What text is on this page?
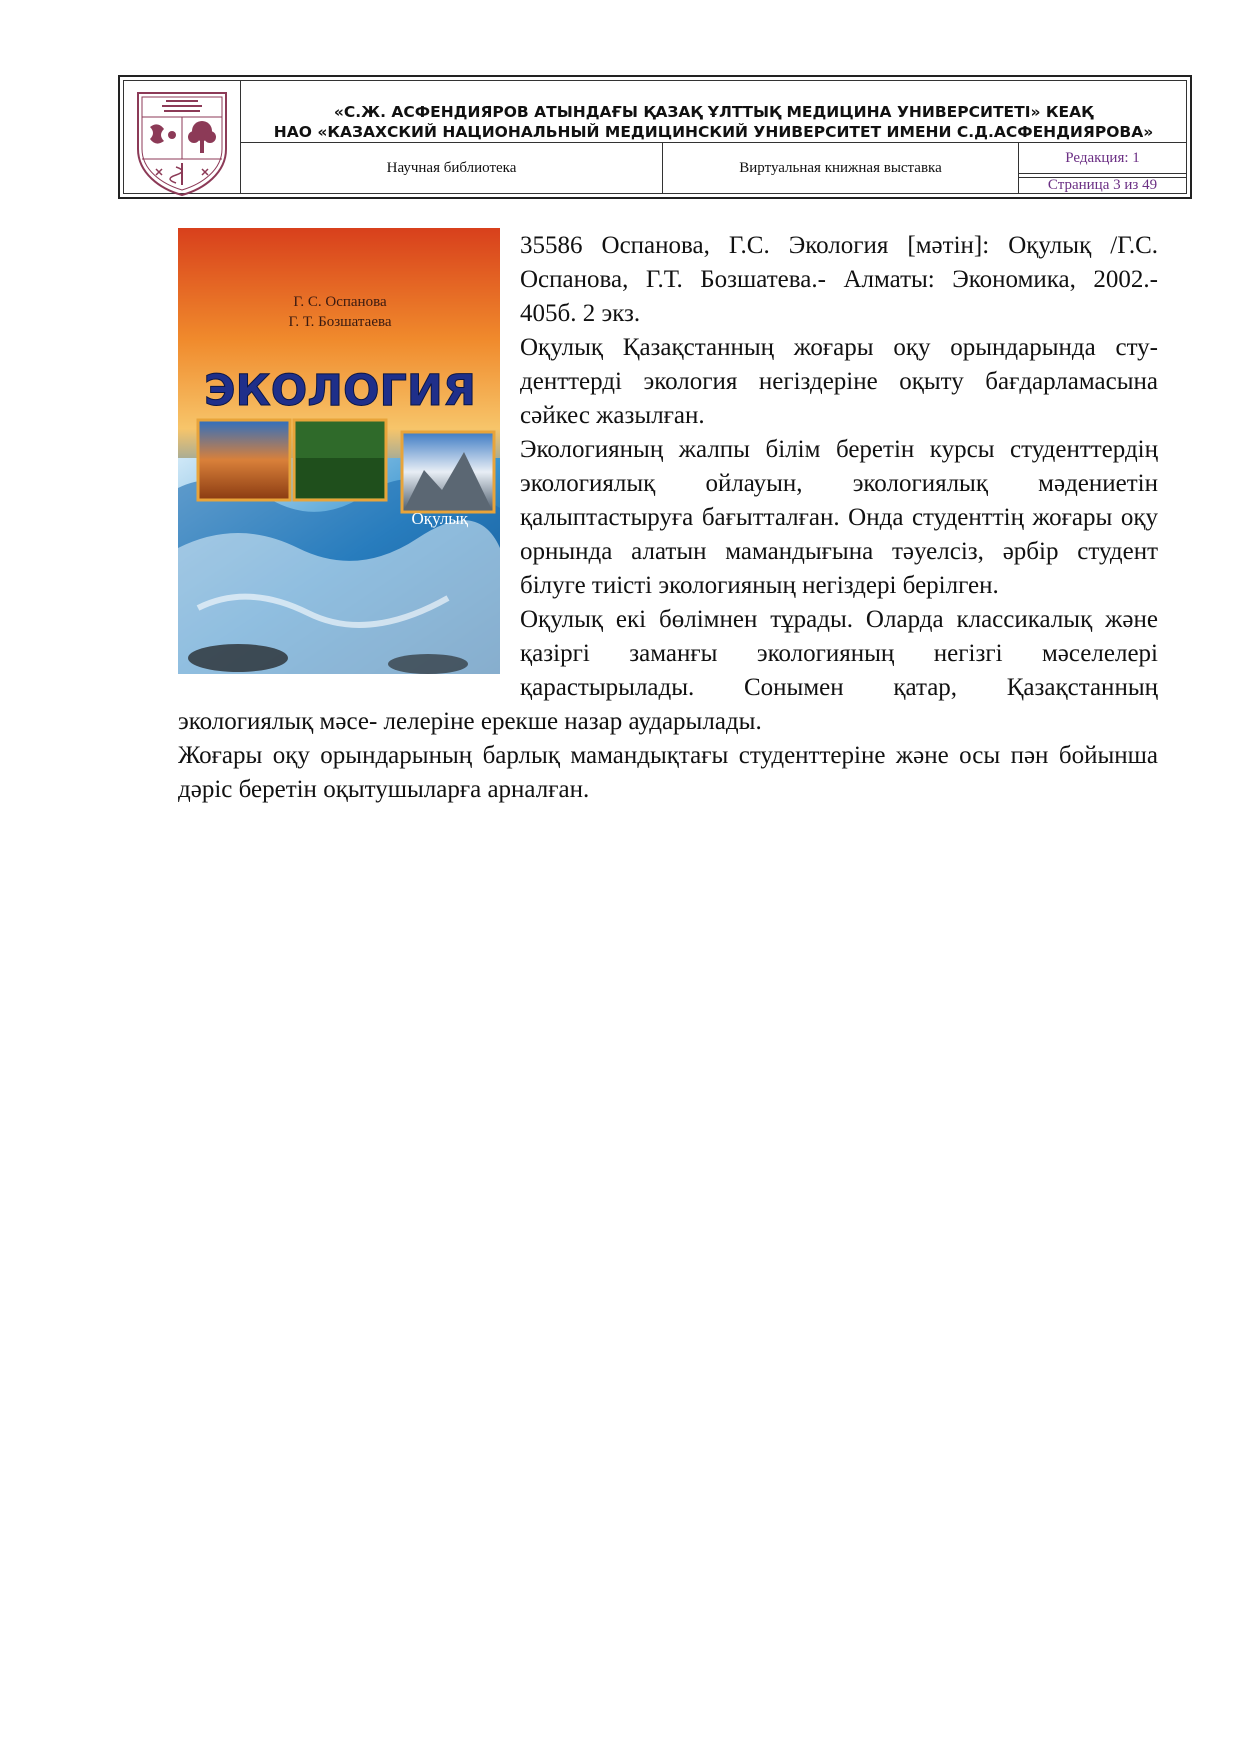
«С.Ж. АСФЕНДИЯРОВ АТЫНДАҒЫ ҚАЗАҚ ҰЛТТЫҚ МЕДИЦИНА УНИВЕРСИТЕТІ» КЕАҚ
НАО «КАЗАХСКИЙ НАЦИОНАЛЬНЫЙ МЕДИЦИНСКИЙ УНИВЕРСИТЕТ ИМЕНИ С.Д.АСФЕНДИЯРОВА»
Научная библиотека	Виртуальная книжная выставка
Редакция: 1
Страница 3 из 49
Г. С. Оспанова
Г. Т. Бозшатаева
ЭКОЛОГИЯ
Оқулық

35586 Оспанова, Г.С. Экология [мәтін]: Оқулық /Г.С. Оспанова, Г.Т. Бозшатева.- Алматы: Экономика, 2002.- 405б. 2 экз.

Оқулық Қазақстанның жоғары оқу орындарында сту- денттерді экология негіздеріне оқыту бағдарламасына сәйкес жазылған.

Экологияның жалпы білім беретін курсы студенттердің экологиялық ойлауын, экологиялық мәдениетін қалыптастыруға бағытталған. Онда студенттің жоғары оқу орнында алатын мамандығына тәуелсіз, әрбір студент білуге тиісті экологияның негіздері берілген.

Оқулық екі бөлімнен тұрады. Оларда классикалық және қазіргі заманғы экологияның негізгі мәселелері қарастырылады. Сонымен қатар, Қазақстанның экологиялық мәсе- лелеріне ерекше назар аударылады.

Жоғары оқу орындарының барлық мамандықтағы студенттеріне және осы пән бойынша дәріс беретін оқытушыларға арналған.
